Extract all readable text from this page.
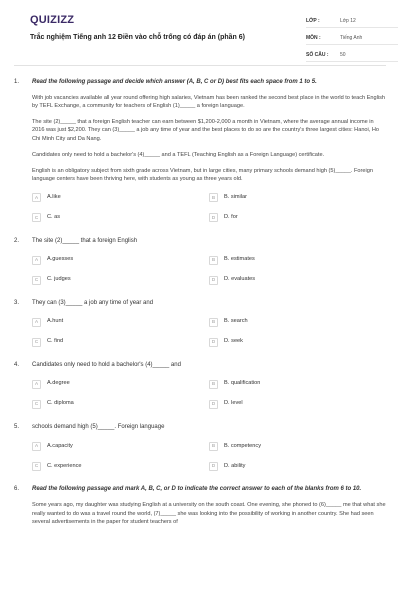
QUIZIZZ
Trắc nghiệm Tiếng anh 12 Điền vào chỗ trống có đáp án (phần 6)
LỚP :	Lớp 12
MÔN :	Tiếng Anh
SỐ CÂU :	50
1. Read the following passage and decide which answer (A, B, C or D) best fits each space from 1 to 5.
With job vacancies available all year round offering high salaries, Vietnam has been ranked the second best place in the world to teach English by TEFL Exchange, a community for teachers of English (1)_____ a foreign language.
The site (2)_____ that a foreign English teacher can earn between $1,200-2,000 a month in Vietnam, where the average annual income in 2016 was just $2,200. They can (3)_____ a job any time of year and the best places to do so are the country's three largest cities: Hanoi, Ho Chi Minh City and Da Nang.
Candidates only need to hold a bachelor's (4)_____ and a TEFL (Teaching English as a Foreign Language) certificate.
English is an obligatory subject from sixth grade across Vietnam, but in large cities, many primary schools demand high (5)_____. Foreign language centers have been thriving here, with students as young as three years old.
A	A.like	B	B. similar
C	C. as	D	D. for
2. The site (2)_____ that a foreign English
A	A.guesses	B	B. estimates
C	C. judges	D	D. evaluates
3. They can (3)_____ a job any time of year and
A	A.hunt	B	B. search
C	C. find	D	D. seek
4. Candidates only need to hold a bachelor's (4)_____ and
A	A.degree	B	B. qualification
C	C. diploma	D	D. level
5. schools demand high (5)_____. Foreign language
A	A.capacity	B	B. competency
C	C. experience	D	D. ability
6. Read the following passage and mark A, B, C, or D to indicate the correct answer to each of the blanks from 6 to 10.
Some years ago, my daughter was studying English at a university on the south coast. One evening, she phoned to (6)_____ me that what she really wanted to do was a travel round the world, (7)_____ she was looking into the possibility of working in another country. She had seen several advertisements in the paper for student teachers of
